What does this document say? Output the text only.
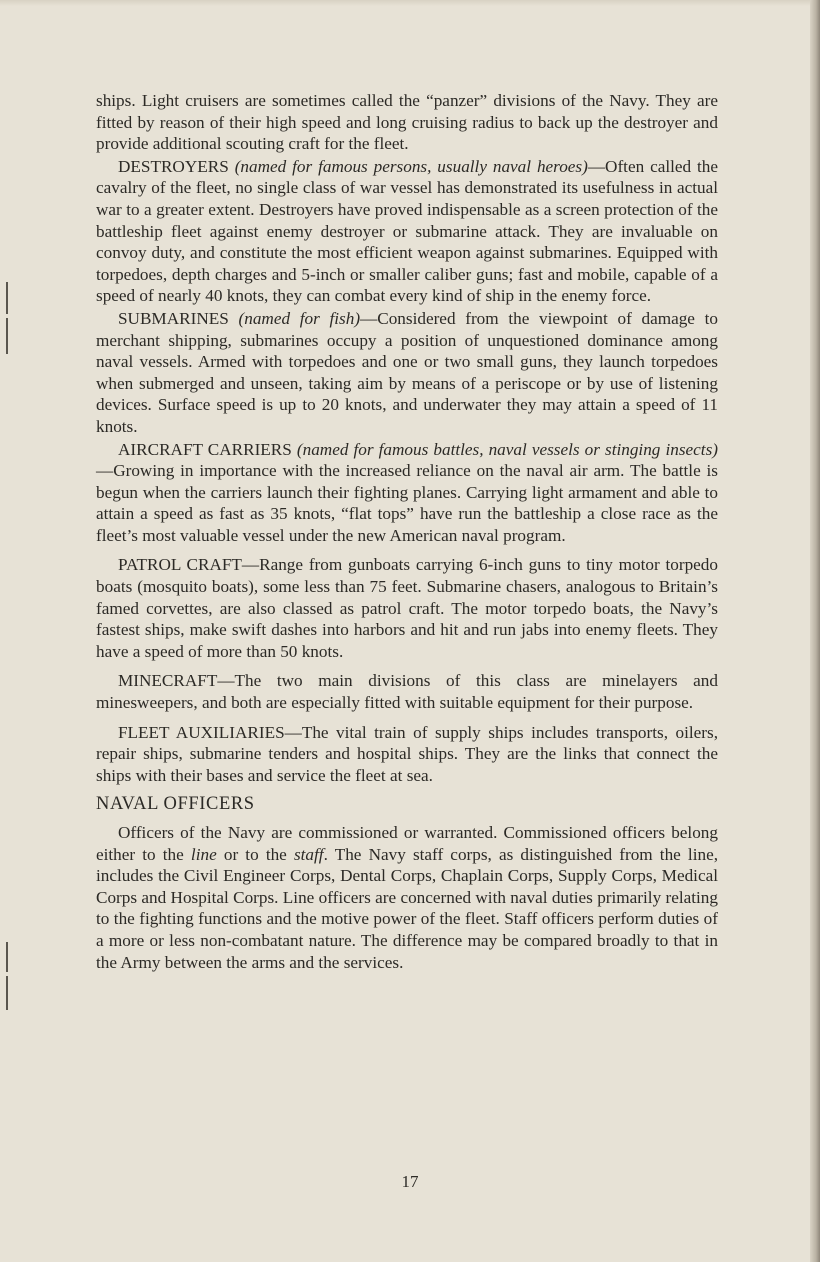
ships. Light cruisers are sometimes called the “panzer” divisions of the Navy. They are fitted by reason of their high speed and long cruising radius to back up the destroyer and provide additional scouting craft for the fleet.

DESTROYERS (named for famous persons, usually naval heroes)—Often called the cavalry of the fleet, no single class of war vessel has demonstrated its usefulness in actual war to a greater extent. Destroyers have proved indispensable as a screen protection of the battleship fleet against enemy destroyer or submarine attack. They are invaluable on convoy duty, and constitute the most efficient weapon against submarines. Equipped with torpedoes, depth charges and 5-inch or smaller caliber guns; fast and mobile, capable of a speed of nearly 40 knots, they can combat every kind of ship in the enemy force.

SUBMARINES (named for fish)—Considered from the viewpoint of damage to merchant shipping, submarines occupy a position of unquestioned dominance among naval vessels. Armed with torpedoes and one or two small guns, they launch torpedoes when submerged and unseen, taking aim by means of a periscope or by use of listening devices. Surface speed is up to 20 knots, and underwater they may attain a speed of 11 knots.

AIRCRAFT CARRIERS (named for famous battles, naval vessels or stinging insects)—Growing in importance with the increased reliance on the naval air arm. The battle is begun when the carriers launch their fighting planes. Carrying light armament and able to attain a speed as fast as 35 knots, “flat tops” have run the battleship a close race as the fleet’s most valuable vessel under the new American naval program.

PATROL CRAFT—Range from gunboats carrying 6-inch guns to tiny motor torpedo boats (mosquito boats), some less than 75 feet. Submarine chasers, analogous to Britain’s famed corvettes, are also classed as patrol craft. The motor torpedo boats, the Navy’s fastest ships, make swift dashes into harbors and hit and run jabs into enemy fleets. They have a speed of more than 50 knots.

MINECRAFT—The two main divisions of this class are minelayers and minesweepers, and both are especially fitted with suitable equipment for their purpose.

FLEET AUXILIARIES—The vital train of supply ships includes transports, oilers, repair ships, submarine tenders and hospital ships. They are the links that connect the ships with their bases and service the fleet at sea.

NAVAL OFFICERS

Officers of the Navy are commissioned or warranted. Commissioned officers belong either to the line or to the staff. The Navy staff corps, as distinguished from the line, includes the Civil Engineer Corps, Dental Corps, Chaplain Corps, Supply Corps, Medical Corps and Hospital Corps. Line officers are concerned with naval duties primarily relating to the fighting functions and the motive power of the fleet. Staff officers perform duties of a more or less non-combatant nature. The difference may be compared broadly to that in the Army between the arms and the services.

17
